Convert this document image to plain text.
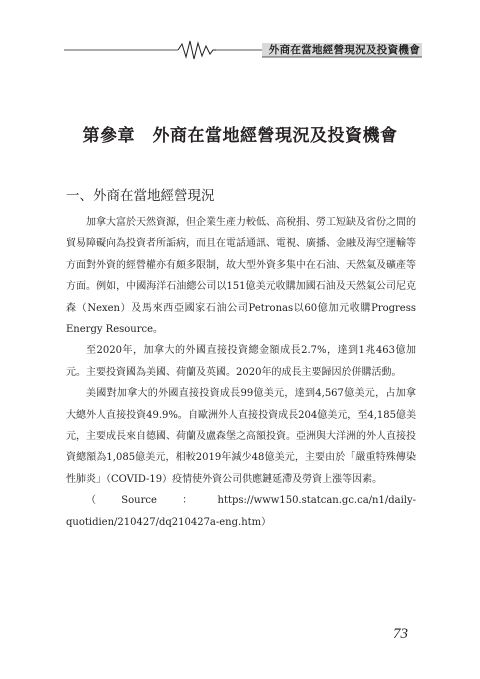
外商在當地經營現況及投資機會
第參章　外商在當地經營現況及投資機會
一、外商在當地經營現況

加拿大富於天然資源，但企業生產力較低、高稅捐、勞工短缺及省份之間的貿易障礙向為投資者所詬病，而且在電話通訊、電視、廣播、金融及海空運輸等方面對外資的經營權亦有頗多限制，故大型外資多集中在石油、天然氣及礦產等方面。例如，中國海洋石油總公司以151億美元收購加國石油及天然氣公司尼克森（Nexen）及馬來西亞國家石油公司Petronas以60億加元收購Progress Energy Resource。

至2020年，加拿大的外國直接投資總金額成長2.7%，達到1兆463億加元。主要投資國為美國、荷蘭及英國。2020年的成長主要歸因於併購活動。

美國對加拿大的外國直接投資成長99億美元，達到4,567億美元，占加拿大總外人直接投資49.9%。自歐洲外人直接投資成長204億美元，至4,185億美元，主要成長來自德國、荷蘭及盧森堡之高額投資。亞洲與大洋洲的外人直接投資總額為1,085億美元，相較2019年減少48億美元，主要由於「嚴重特殊傳染性肺炎」（COVID-19）疫情使外資公司供應鏈延滯及勞資上漲等因素。

（Source：https://www150.statcan.gc.ca/n1/daily-quotidien/210427/dq210427a-eng.htm）

73
